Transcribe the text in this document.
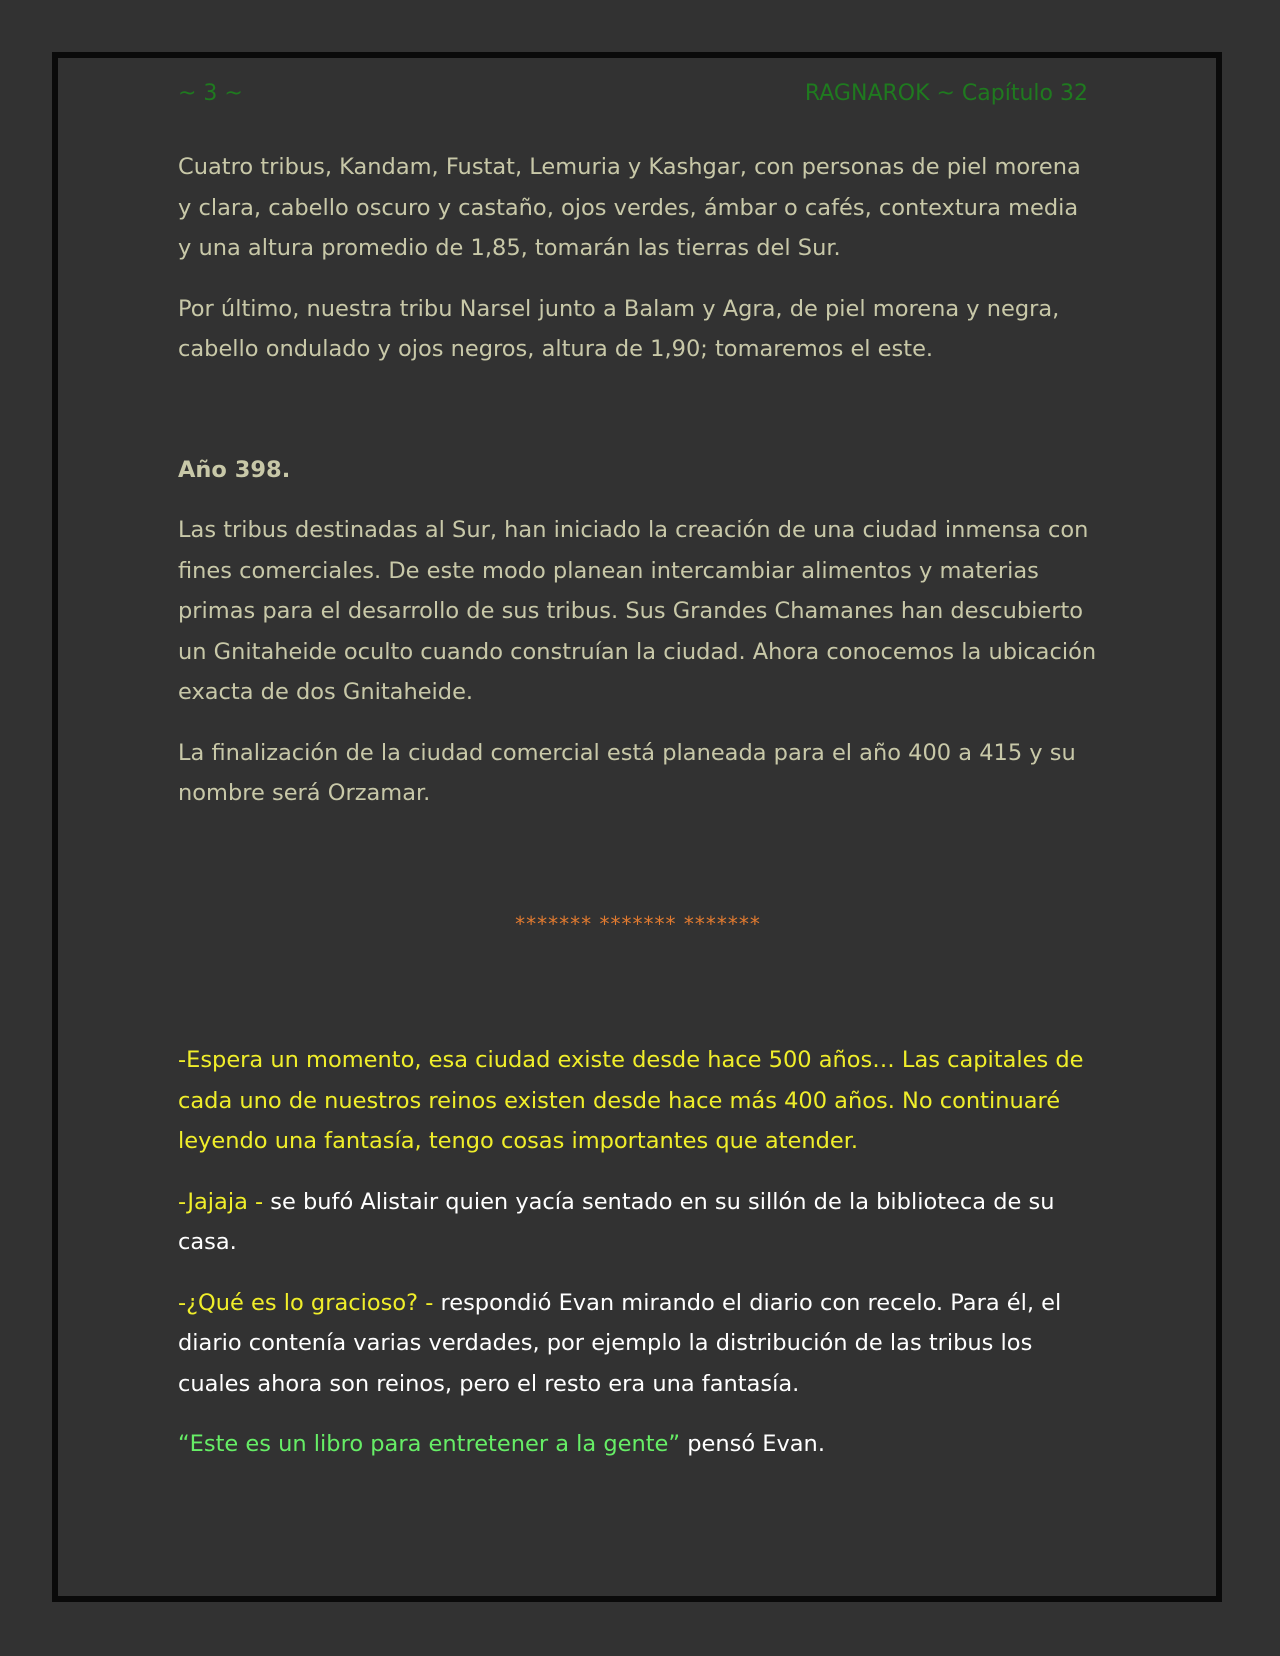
~ 3 ~	RAGNAROK ~ Capítulo 32

Cuatro tribus, Kandam, Fustat, Lemuria y Kashgar, con personas de piel morena y clara, cabello oscuro y castaño, ojos verdes, ámbar o cafés, contextura media y una altura promedio de 1,85, tomarán las tierras del Sur.

Por último, nuestra tribu Narsel junto a Balam y Agra, de piel morena y negra, cabello ondulado y ojos negros, altura de 1,90; tomaremos el este.

Año 398.

Las tribus destinadas al Sur, han iniciado la creación de una ciudad inmensa con fines comerciales. De este modo planean intercambiar alimentos y materias primas para el desarrollo de sus tribus. Sus Grandes Chamanes han descubierto un Gnitaheide oculto cuando construían la ciudad. Ahora conocemos la ubicación exacta de dos Gnitaheide.

La finalización de la ciudad comercial está planeada para el año 400 a 415 y su nombre será Orzamar.

******* ******* *******

-Espera un momento, esa ciudad existe desde hace 500 años… Las capitales de cada uno de nuestros reinos existen desde hace más 400 años. No continuaré leyendo una fantasía, tengo cosas importantes que atender.

-Jajaja - se bufó Alistair quien yacía sentado en su sillón de la biblioteca de su casa.

-¿Qué es lo gracioso? - respondió Evan mirando el diario con recelo. Para él, el diario contenía varias verdades, por ejemplo la distribución de las tribus los cuales ahora son reinos, pero el resto era una fantasía.

“Este es un libro para entretener a la gente” pensó Evan.
